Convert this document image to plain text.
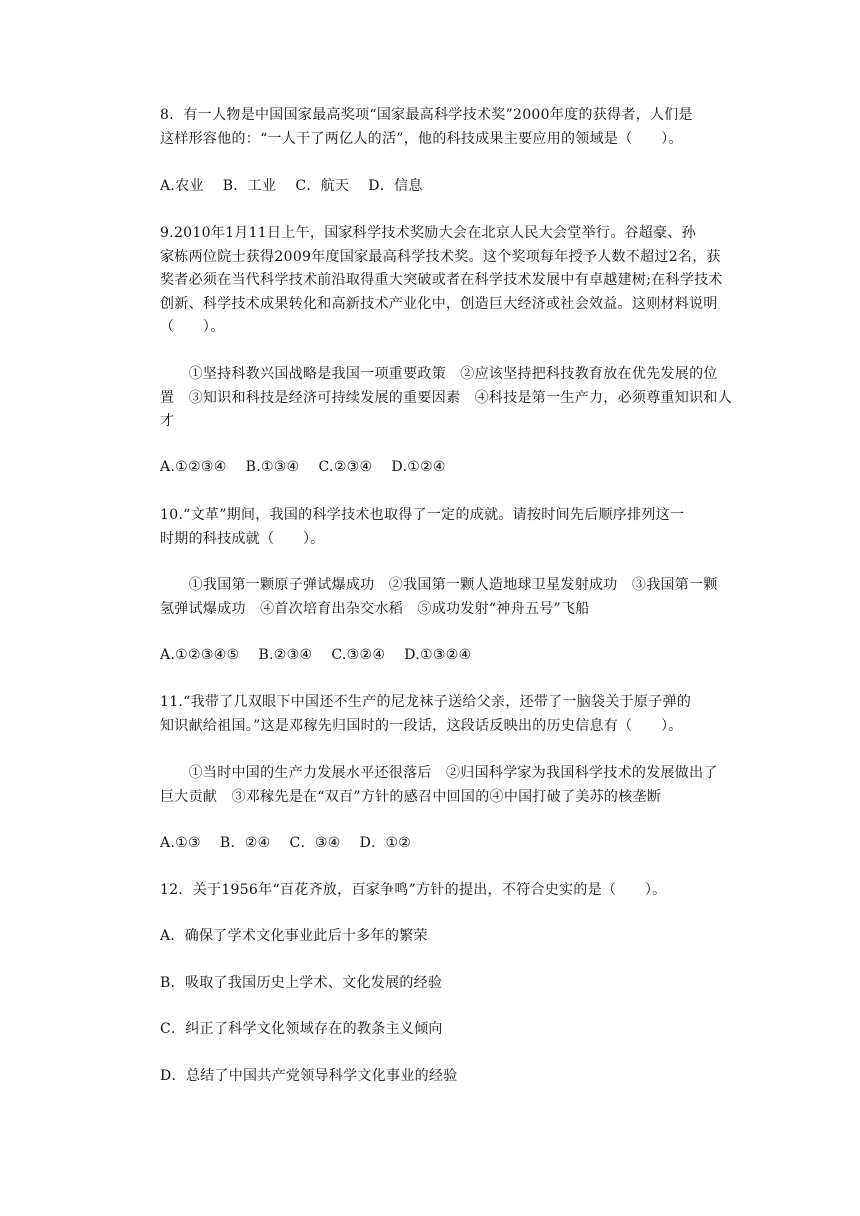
8．有一人物是中国国家最高奖项“国家最高科学技术奖”2000年度的获得者，人们是
这样形容他的：“一人干了两亿人的活”，他的科技成果主要应用的领域是（　　）。
A.农业　 B．工业　 C．航天　 D．信息
9.2010年1月11日上午，国家科学技术奖励大会在北京人民大会堂举行。谷超豪、孙
家栋两位院士获得2009年度国家最高科学技术奖。这个奖项每年授予人数不超过2名，获
奖者必须在当代科学技术前沿取得重大突破或者在科学技术发展中有卓越建树;在科学技术
创新、科学技术成果转化和高新技术产业化中，创造巨大经济或社会效益。这则材料说明
（　　）。
　　①坚持科教兴国战略是我国一项重要政策　②应该坚持把科技教育放在优先发展的位
置　③知识和科技是经济可持续发展的重要因素　④科技是第一生产力，必须尊重知识和人
才
A.①②③④　 B.①③④　 C.②③④　 D.①②④
10.“文革”期间，我国的科学技术也取得了一定的成就。请按时间先后顺序排列这一
时期的科技成就（　　）。
　　①我国第一颗原子弹试爆成功　②我国第一颗人造地球卫星发射成功　③我国第一颗
氢弹试爆成功　④首次培育出杂交水稻　⑤成功发射“神舟五号”飞船
A.①②③④⑤　 B.②③④　 C.③②④　 D.①③②④
11.“我带了几双眼下中国还不生产的尼龙袜子送给父亲，还带了一脑袋关于原子弹的
知识献给祖国。”这是邓稼先归国时的一段话，这段话反映出的历史信息有（　　）。
　　①当时中国的生产力发展水平还很落后　②归国科学家为我国科学技术的发展做出了
巨大贡献　③邓稼先是在“双百”方针的感召中回国的④中国打破了美苏的核垄断
A.①③　 B．②④　 C．③④　 D．①②
12．关于1956年“百花齐放，百家争鸣”方针的提出，不符合史实的是（　　）。
A．确保了学术文化事业此后十多年的繁荣
B．吸取了我国历史上学术、文化发展的经验
C．纠正了科学文化领域存在的教条主义倾向
D．总结了中国共产党领导科学文化事业的经验
